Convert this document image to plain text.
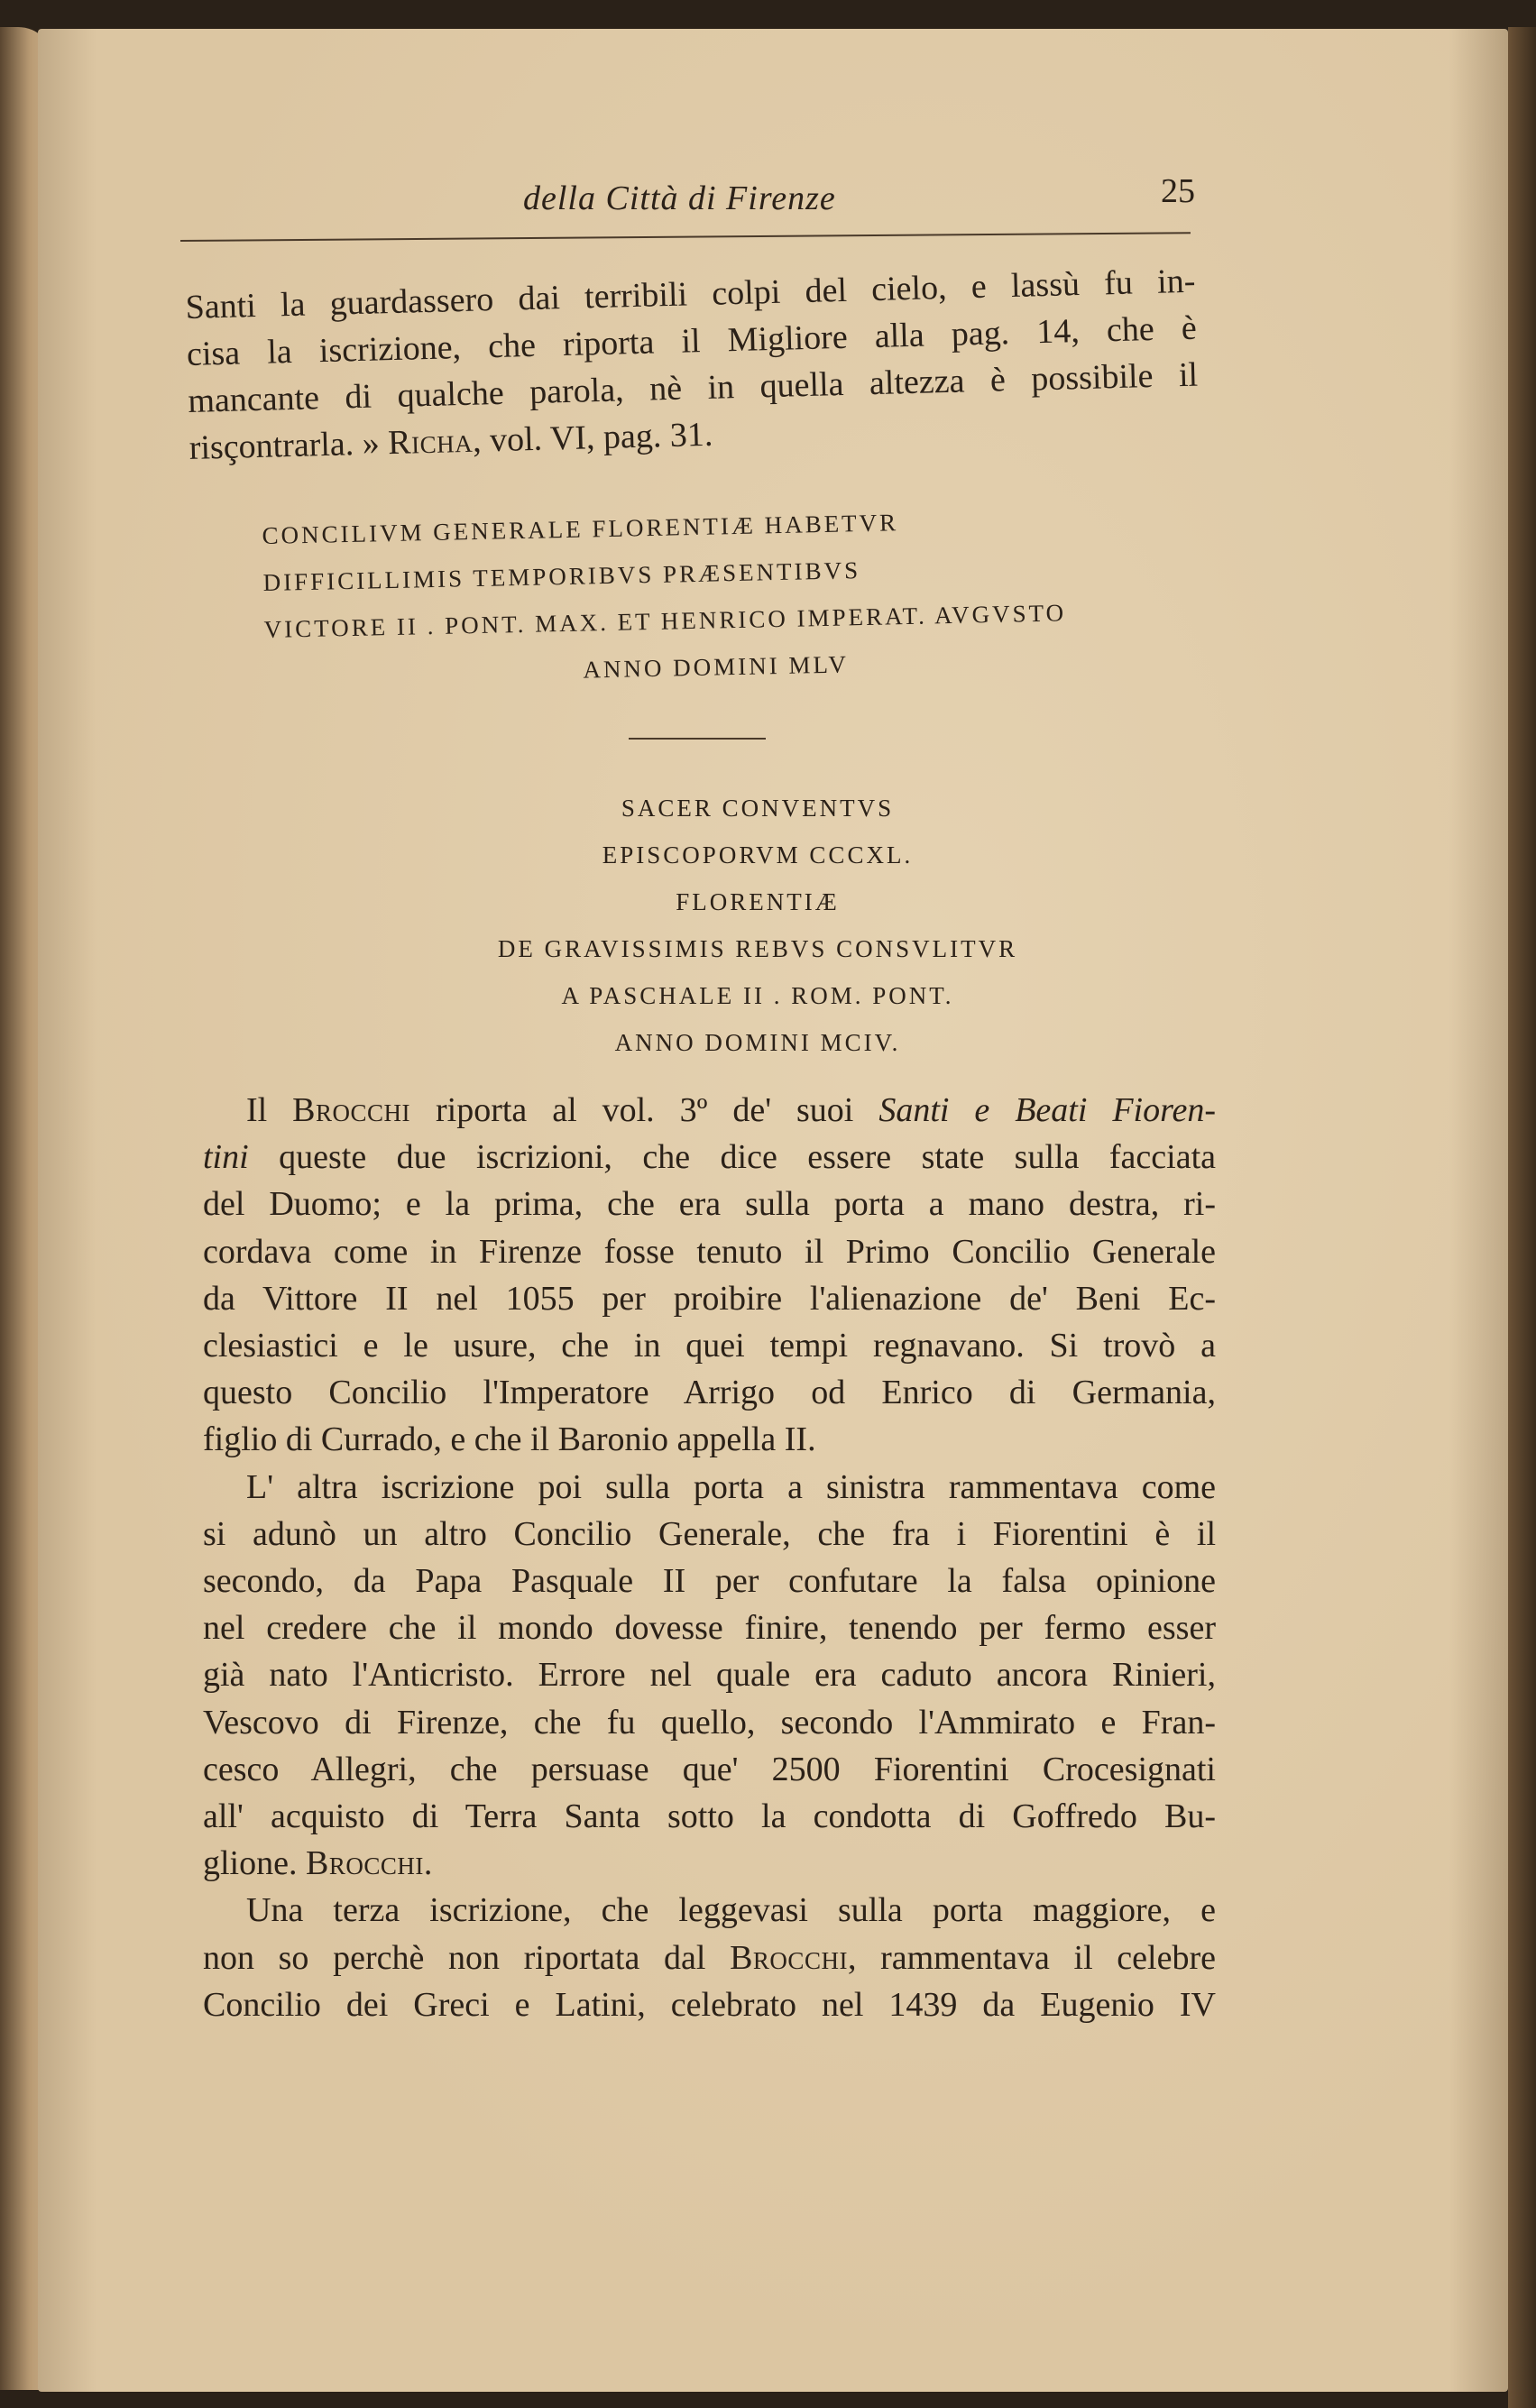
della Città di Firenze	25
Santi la guardassero dai terribili colpi del cielo, e lassù fu in-
cisa la iscrizione, che riporta il Migliore alla pag. 14, che è
mancante di qualche parola, nè in quella altezza è possibile il
risçontrarla. » Richa, vol. VI, pag. 31.
CONCILIVM GENERALE FLORENTIÆ HABETVR
DIFFICILLIMIS TEMPORIBVS PRÆSENTIBVS
VICTORE II . PONT. MAX. ET HENRICO IMPERAT. AVGVSTO
ANNO DOMINI MLV
SACER CONVENTVS
EPISCOPORVM CCCXL.
FLORENTIÆ
DE GRAVISSIMIS REBVS CONSVLITVR
A PASCHALE II . ROM. PONT.
ANNO DOMINI MCIV.
Il Brocchi riporta al vol. 3º de' suoi Santi e Beati Fioren-
tini queste due iscrizioni, che dice essere state sulla facciata
del Duomo; e la prima, che era sulla porta a mano destra, ri-
cordava come in Firenze fosse tenuto il Primo Concilio Generale
da Vittore II nel 1055 per proibire l'alienazione de' Beni Ec-
clesiastici e le usure, che in quei tempi regnavano. Si trovò a
questo Concilio l'Imperatore Arrigo od Enrico di Germania,
figlio di Currado, e che il Baronio appella II.
L' altra iscrizione poi sulla porta a sinistra rammentava come
si adunò un altro Concilio Generale, che fra i Fiorentini è il
secondo, da Papa Pasquale II per confutare la falsa opinione
nel credere che il mondo dovesse finire, tenendo per fermo esser
già nato l'Anticristo. Errore nel quale era caduto ancora Rinieri,
Vescovo di Firenze, che fu quello, secondo l'Ammirato e Fran-
cesco Allegri, che persuase que' 2500 Fiorentini Crocesignati
all' acquisto di Terra Santa sotto la condotta di Goffredo Bu-
glione. Brocchi.
Una terza iscrizione, che leggevasi sulla porta maggiore, e
non so perchè non riportata dal Brocchi, rammentava il celebre
Concilio dei Greci e Latini, celebrato nel 1439 da Eugenio IV
